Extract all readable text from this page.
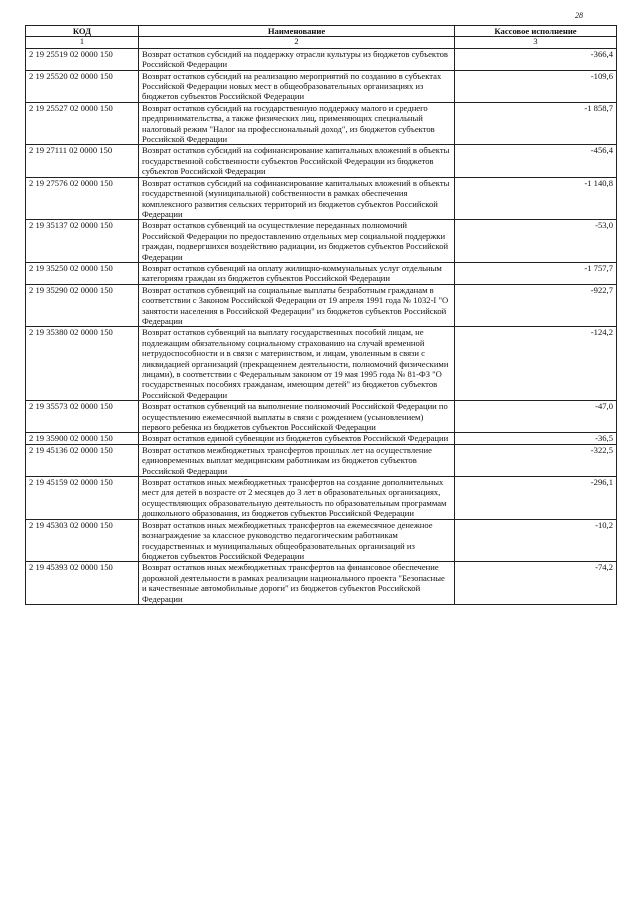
28
КОД	Наименование	Кассовое исполнение
1	2	3
2 19 25519 02 0000 150	Возврат остатков субсидий на поддержку отрасли культуры из бюджетов субъектов Российской Федерации	-366,4
2 19 25520 02 0000 150	Возврат остатков субсидий на реализацию мероприятий по созданию в субъектах Российской Федерации новых мест в общеобразовательных организациях из бюджетов субъектов Российской Федерации	-109,6
2 19 25527 02 0000 150	Возврат остатков субсидий на государственную поддержку малого и среднего предпринимательства, а также физических лиц, применяющих специальный налоговый режим "Налог на профессиональный доход", из бюджетов субъектов Российской Федерации	-1 858,7
2 19 27111 02 0000 150	Возврат остатков субсидий на софинансирование капитальных вложений в объекты государственной собственности субъектов Российской Федерации из бюджетов субъектов Российской Федерации	-456,4
2 19 27576 02 0000 150	Возврат остатков субсидий на софинансирование капитальных вложений в объекты государственной (муниципальной) собственности в рамках обеспечения комплексного развития сельских территорий из бюджетов субъектов Российской Федерации	-1 140,8
2 19 35137 02 0000 150	Возврат остатков субвенций на осуществление переданных полномочий Российской Федерации по предоставлению отдельных мер социальной поддержки граждан, подвергшихся воздействию радиации, из бюджетов субъектов Российской Федерации	-53,0
2 19 35250 02 0000 150	Возврат остатков субвенций на оплату жилищно-коммунальных услуг отдельным категориям граждан из бюджетов субъектов Российской Федерации	-1 757,7
2 19 35290 02 0000 150	Возврат остатков субвенций на социальные выплаты безработным гражданам в соответствии с Законом Российской Федерации от 19 апреля 1991 года № 1032-I "О занятости населения в Российской Федерации" из бюджетов субъектов Российской Федерации	-922,7
2 19 35380 02 0000 150	Возврат остатков субвенций на выплату государственных пособий лицам, не подлежащим обязательному социальному страхованию на случай временной нетрудоспособности и в связи с материнством, и лицам, уволенным в связи с ликвидацией организаций (прекращением деятельности, полномочий физическими лицами), в соответствии с Федеральным законом от 19 мая 1995 года № 81-ФЗ "О государственных пособиях гражданам, имеющим детей" из бюджетов субъектов Российской Федерации	-124,2
2 19 35573 02 0000 150	Возврат остатков субвенций на выполнение полномочий Российской Федерации по осуществлению ежемесячной выплаты в связи с рождением (усыновлением) первого ребенка из бюджетов субъектов Российской Федерации	-47,0
2 19 35900 02 0000 150	Возврат остатков единой субвенции из бюджетов субъектов Российской Федерации	-36,5
2 19 45136 02 0000 150	Возврат остатков межбюджетных трансфертов прошлых лет на осуществление единовременных выплат медицинским работникам из бюджетов субъектов Российской Федерации	-322,5
2 19 45159 02 0000 150	Возврат остатков иных межбюджетных трансфертов на создание дополнительных мест для детей в возрасте от 2 месяцев до 3 лет в образовательных организациях, осуществляющих образовательную деятельность по образовательным программам дошкольного образования, из бюджетов субъектов Российской Федерации	-296,1
2 19 45303 02 0000 150	Возврат остатков иных межбюджетных трансфертов на ежемесячное денежное вознаграждение за классное руководство педагогическим работникам государственных и муниципальных общеобразовательных организаций из бюджетов субъектов Российской Федерации	-10,2
2 19 45393 02 0000 150	Возврат остатков иных межбюджетных трансфертов на финансовое обеспечение дорожной деятельности в рамках реализации национального проекта "Безопасные и качественные автомобильные дороги" из бюджетов субъектов Российской Федерации	-74,2
